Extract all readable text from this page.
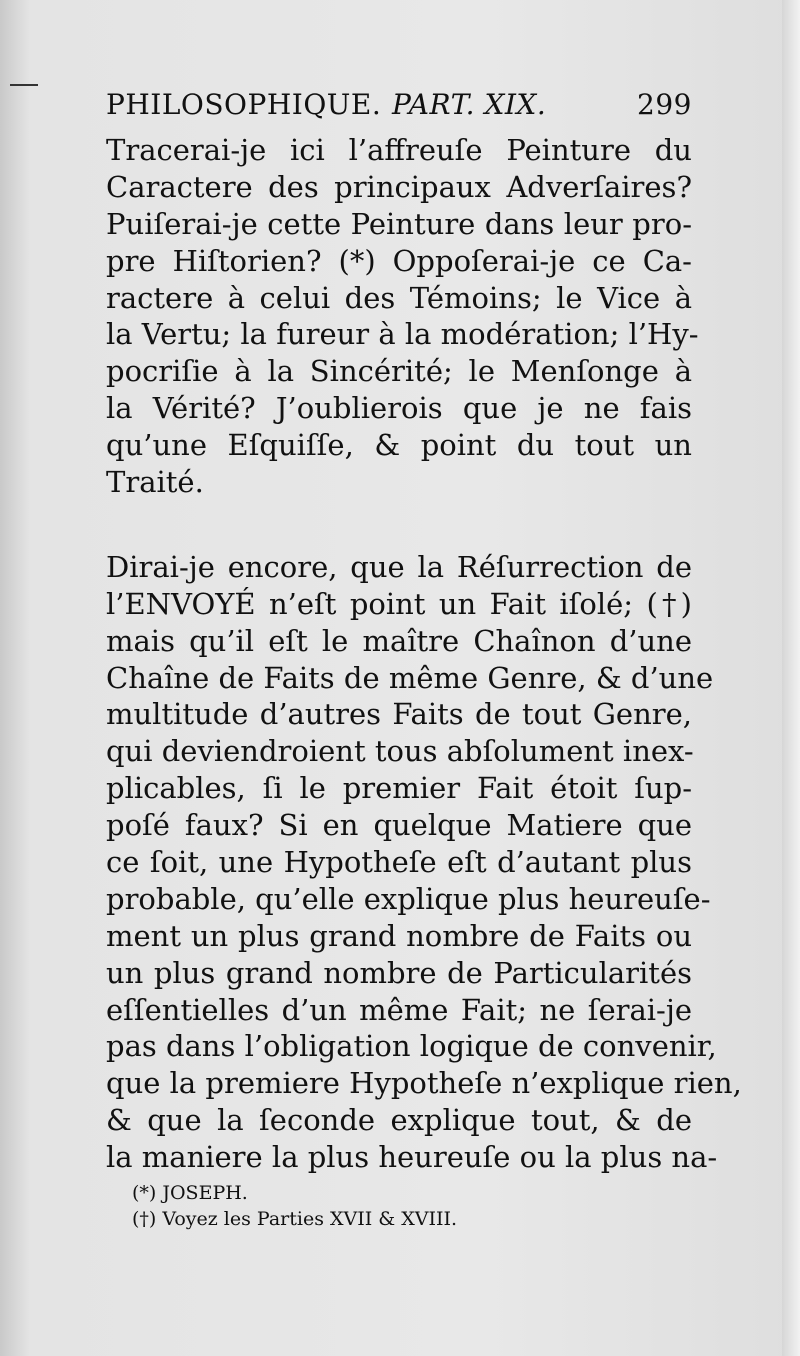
PHILOSOPHIQUE. PART. XIX.	299
Tracerai-je ici l’affreuſe Peinture du
Caractere des principaux Adverſaires?
Puiſerai-je cette Peinture dans leur pro-
pre Hiſtorien? (*) Oppoſerai-je ce Ca-
ractere à celui des Témoins; le Vice à
la Vertu; la fureur à la modération; l’Hy-
pocriſie à la Sincérité; le Menſonge à
la Vérité? J’oublierois que je ne fais
qu’une Eſquiſſe, & point du tout un
Traité.
Dirai-je encore, que la Réſurrection de
l’ENVOYÉ n’eſt point un Fait iſolé; (†)
mais qu’il eſt le maître Chaînon d’une
Chaîne de Faits de même Genre, & d’une
multitude d’autres Faits de tout Genre,
qui deviendroient tous abſolument inex-
plicables, ſi le premier Fait étoit ſup-
poſé faux? Si en quelque Matiere que
ce ſoit, une Hypotheſe eſt d’autant plus
probable, qu’elle explique plus heureuſe-
ment un plus grand nombre de Faits ou
un plus grand nombre de Particularités
eſſentielles d’un même Fait; ne ſerai-je
pas dans l’obligation logique de convenir,
que la premiere Hypotheſe n’explique rien,
& que la ſeconde explique tout, & de
la maniere la plus heureuſe ou la plus na-
(*) JOSEPH.
(†) Voyez les Parties XVII & XVIII.
